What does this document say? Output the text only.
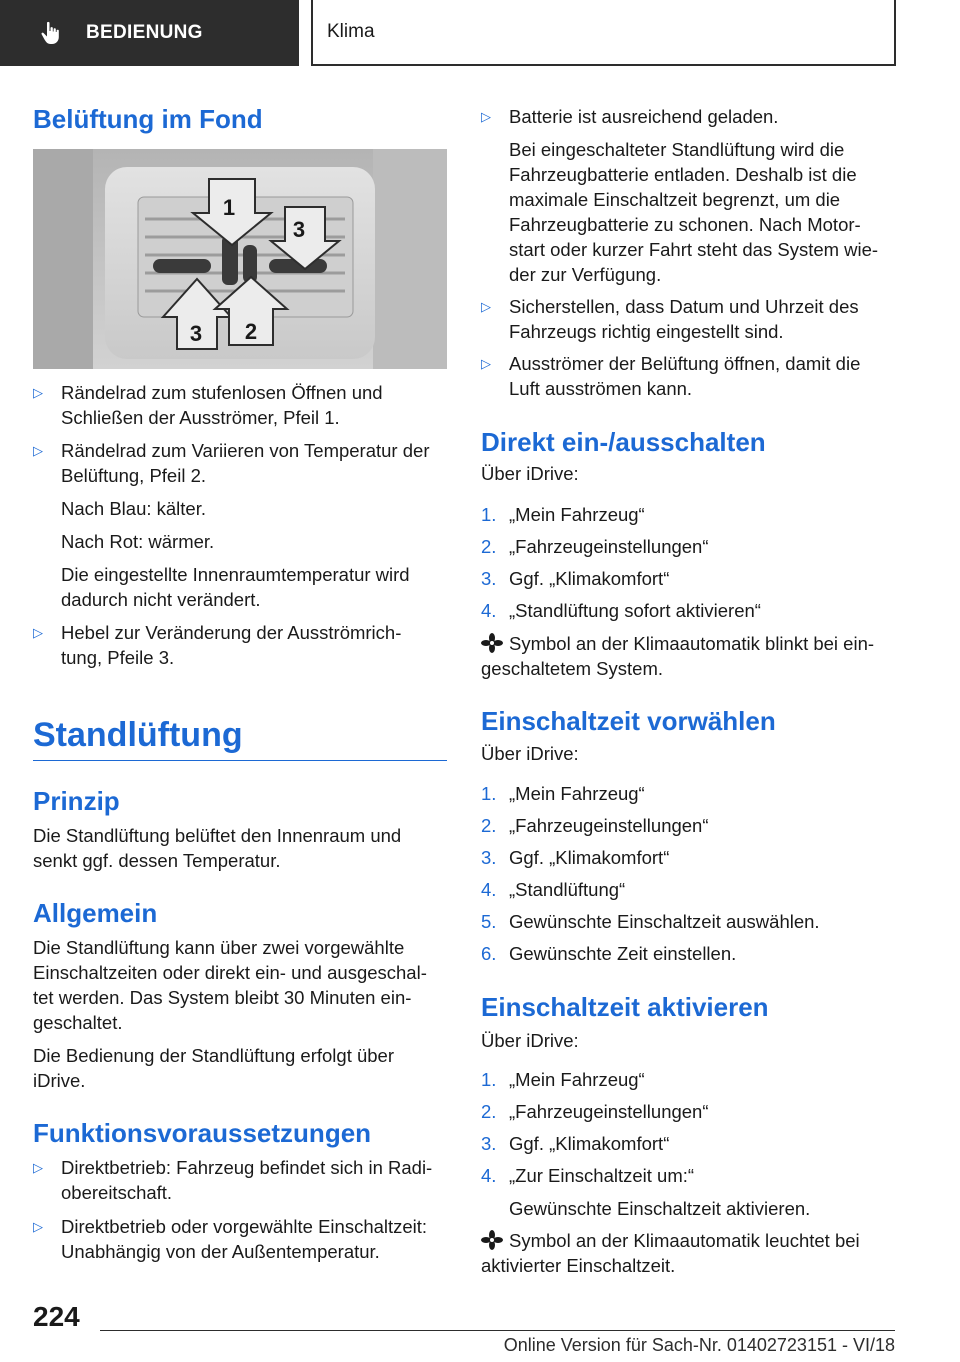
BEDIENUNG	Klima
Belüftung im Fond
1
3
3 2
▷ Rändelrad zum stufenlosen Öffnen und
Schließen der Ausströmer, Pfeil 1.
▷ Rändelrad zum Variieren von Temperatur der
Belüftung, Pfeil 2.
Nach Blau: kälter.
Nach Rot: wärmer.
Die eingestellte Innenraumtemperatur wird
dadurch nicht verändert.
▷ Hebel zur Veränderung der Ausströmrich-
tung, Pfeile 3.
Standlüftung
Prinzip
Die Standlüftung belüftet den Innenraum und
senkt ggf. dessen Temperatur.
Allgemein
Die Standlüftung kann über zwei vorgewählte
Einschaltzeiten oder direkt ein- und ausgeschal-
tet werden. Das System bleibt 30 Minuten ein-
geschaltet.
Die Bedienung der Standlüftung erfolgt über
iDrive.
Funktionsvoraussetzungen
▷ Direktbetrieb: Fahrzeug befindet sich in Radi-
obereitschaft.
▷ Direktbetrieb oder vorgewählte Einschaltzeit:
Unabhängig von der Außentemperatur.
▷ Batterie ist ausreichend geladen.
Bei eingeschalteter Standlüftung wird die
Fahrzeugbatterie entladen. Deshalb ist die
maximale Einschaltzeit begrenzt, um die
Fahrzeugbatterie zu schonen. Nach Motor-
start oder kurzer Fahrt steht das System wie-
der zur Verfügung.
▷ Sicherstellen, dass Datum und Uhrzeit des
Fahrzeugs richtig eingestellt sind.
▷ Ausströmer der Belüftung öffnen, damit die
Luft ausströmen kann.
Direkt ein-/ausschalten
Über iDrive:
1. „Mein Fahrzeug“
2. „Fahrzeugeinstellungen“
3. Ggf. „Klimakomfort“
4. „Standlüftung sofort aktivieren“
Symbol an der Klimaautomatik blinkt bei ein-
geschaltetem System.
Einschaltzeit vorwählen
Über iDrive:
1. „Mein Fahrzeug“
2. „Fahrzeugeinstellungen“
3. Ggf. „Klimakomfort“
4. „Standlüftung“
5. Gewünschte Einschaltzeit auswählen.
6. Gewünschte Zeit einstellen.
Einschaltzeit aktivieren
Über iDrive:
1. „Mein Fahrzeug“
2. „Fahrzeugeinstellungen“
3. Ggf. „Klimakomfort“
4. „Zur Einschaltzeit um:“
Gewünschte Einschaltzeit aktivieren.
Symbol an der Klimaautomatik leuchtet bei
aktivierter Einschaltzeit.
224
Online Version für Sach-Nr. 01402723151 - VI/18
